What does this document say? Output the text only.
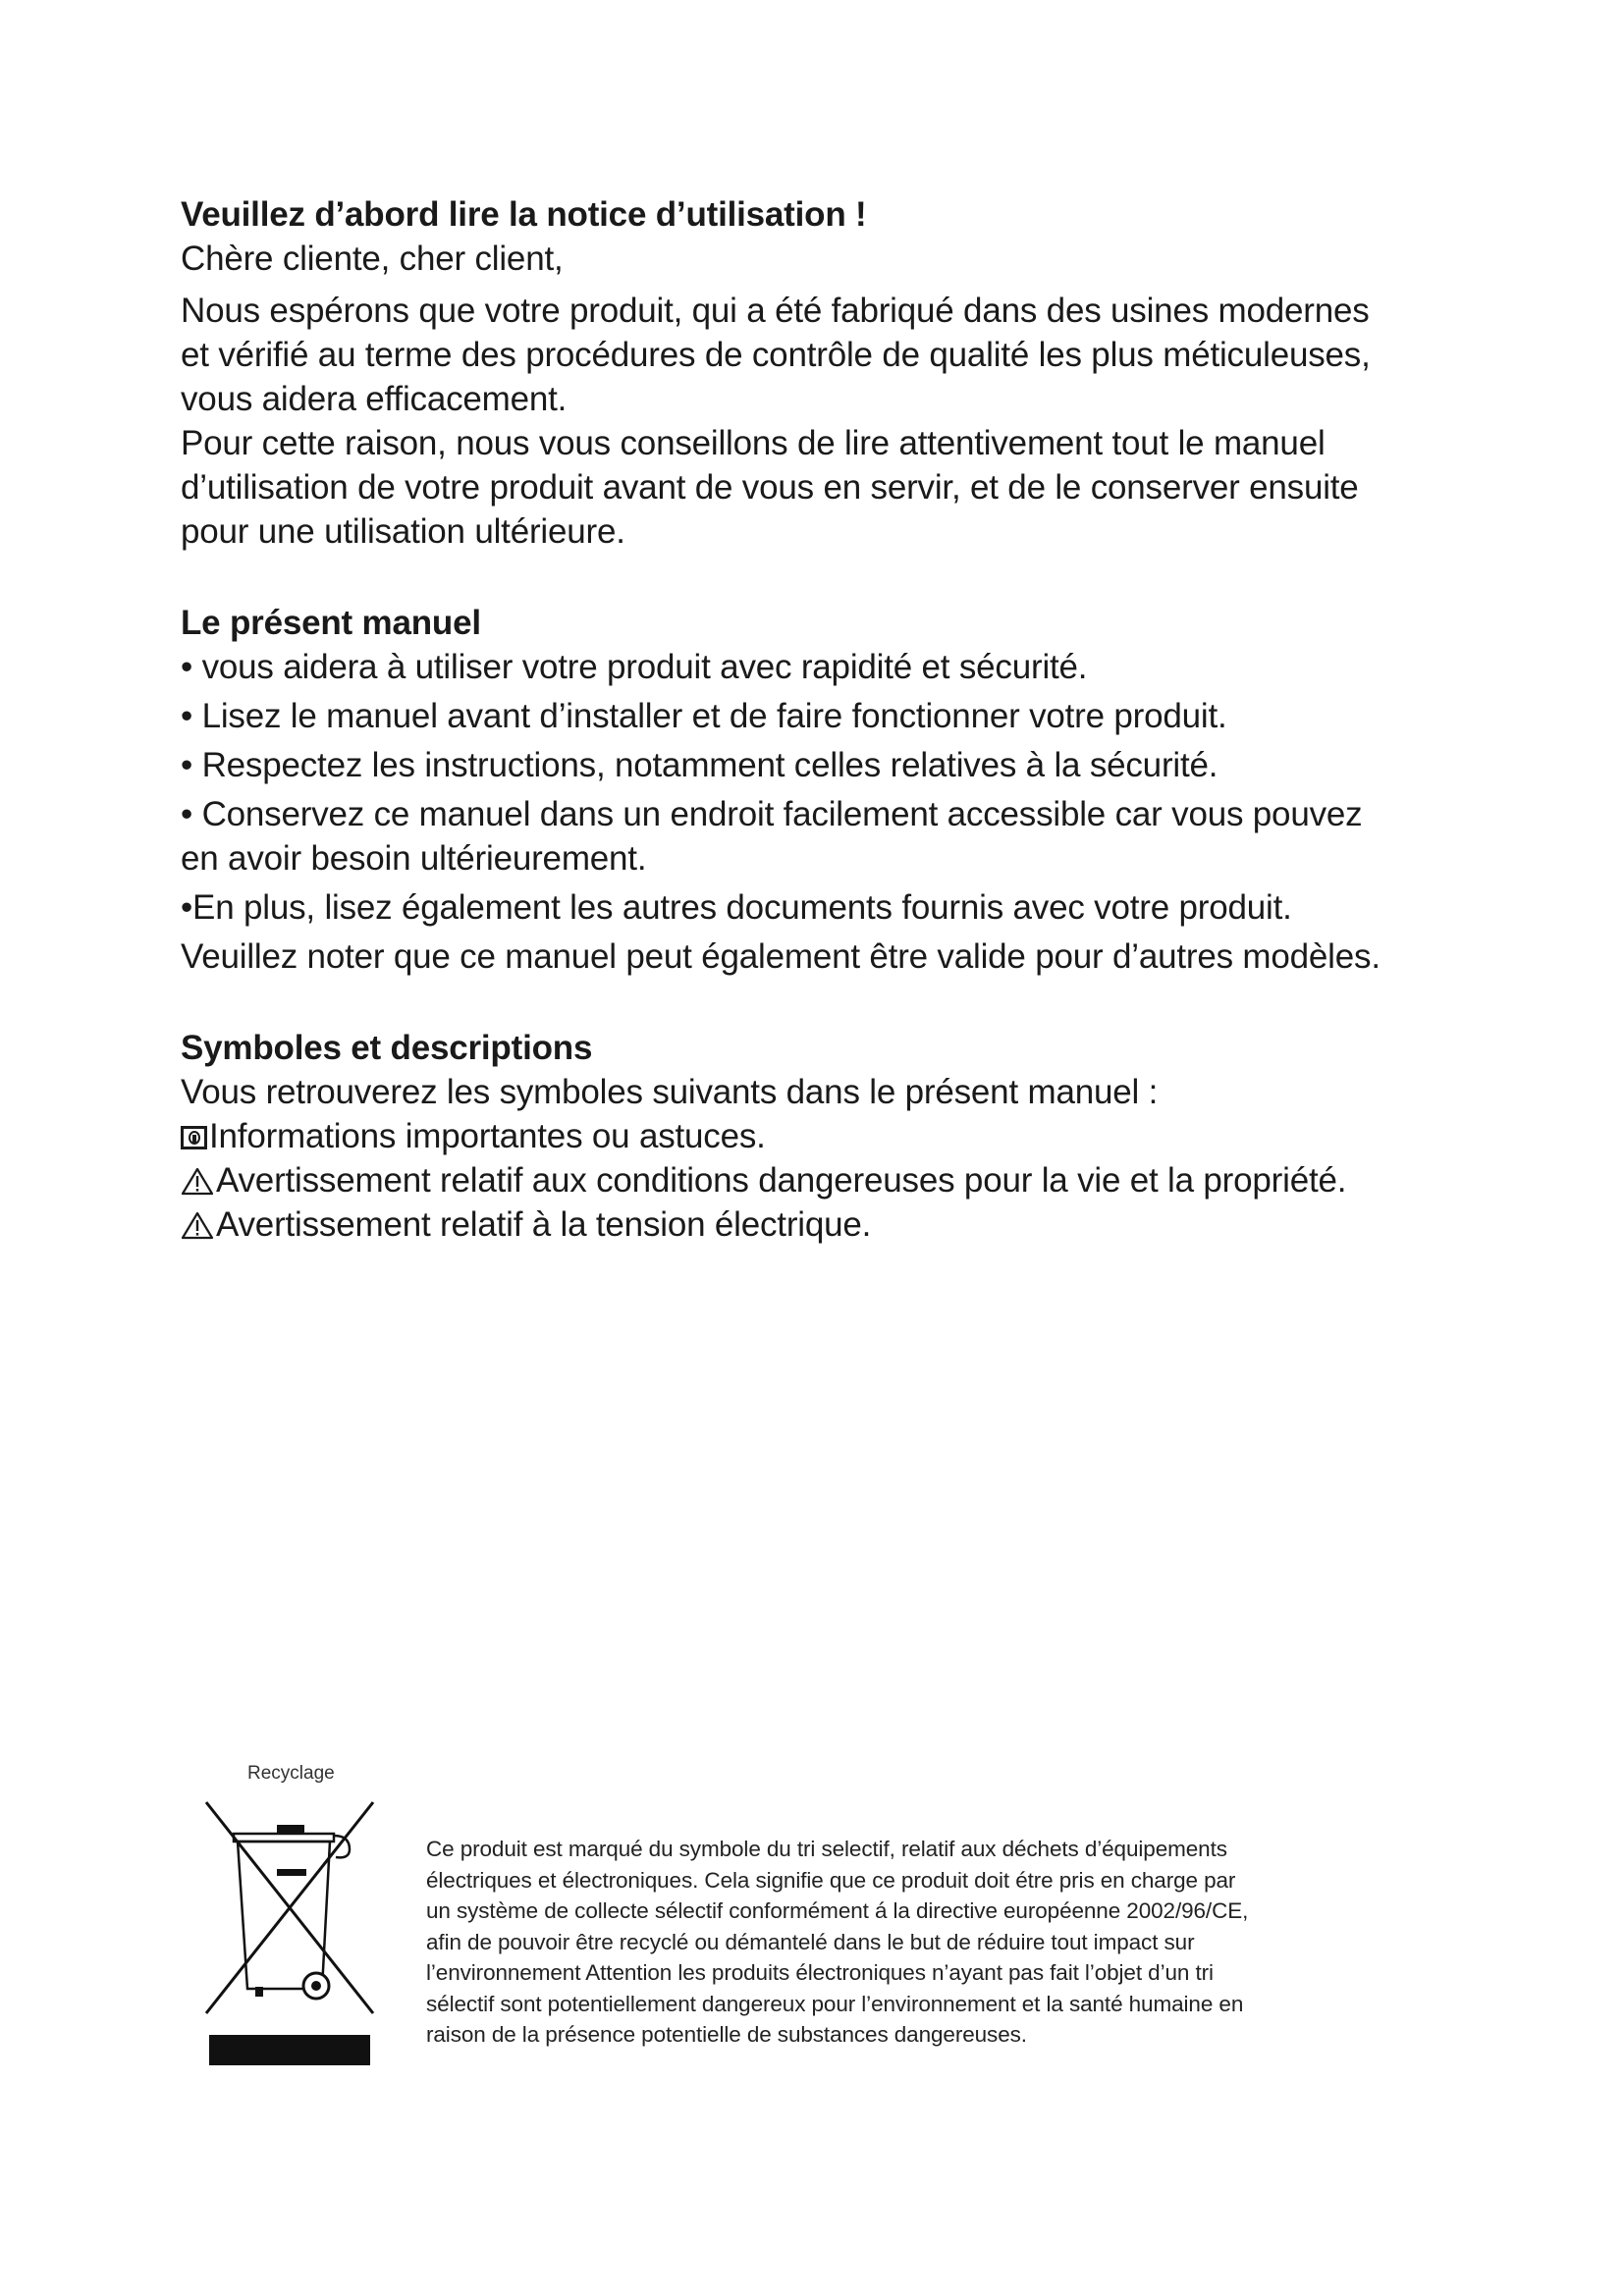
Veuillez d’abord lire la notice d’utilisation !

Chère cliente, cher client,

Nous espérons que votre produit, qui a été fabriqué dans des usines modernes

et vérifié au terme des procédures de contrôle de qualité les plus méticuleuses,

vous aidera efficacement.

Pour cette raison, nous vous conseillons de lire attentivement tout le manuel

d’utilisation de votre produit avant de vous en servir, et de le conserver ensuite

pour une utilisation ultérieure.

Le présent manuel

• vous aidera à utiliser votre produit avec rapidité et sécurité.

• Lisez le manuel avant d’installer et de faire fonctionner votre produit.

• Respectez les instructions, notamment celles relatives à la sécurité.

• Conservez ce manuel dans un endroit facilement accessible car vous pouvez

en avoir besoin ultérieurement.

•En plus, lisez également les autres documents fournis avec votre produit.

Veuillez noter que ce manuel peut également être valide pour d’autres modèles.

Symboles et descriptions

Vous retrouverez les symboles suivants dans le présent manuel :

Informations importantes ou astuces.

Avertissement relatif aux conditions dangereuses pour la vie et la propriété.

Avertissement relatif à la tension électrique.

Recyclage

Ce produit est marqué du symbole du tri selectif, relatif aux déchets d’équipements

électriques et électroniques. Cela signifie que ce produit doit étre pris en charge par

un système de collecte sélectif conformément á la directive européenne 2002/96/CE,

afin de pouvoir être recyclé ou démantelé dans le but de réduire tout impact sur

l’environnement Attention les produits électroniques n’ayant pas fait l’objet d’un tri

sélectif sont potentiellement dangereux pour l’environnement et la santé humaine en

raison de la présence potentielle de substances dangereuses.
